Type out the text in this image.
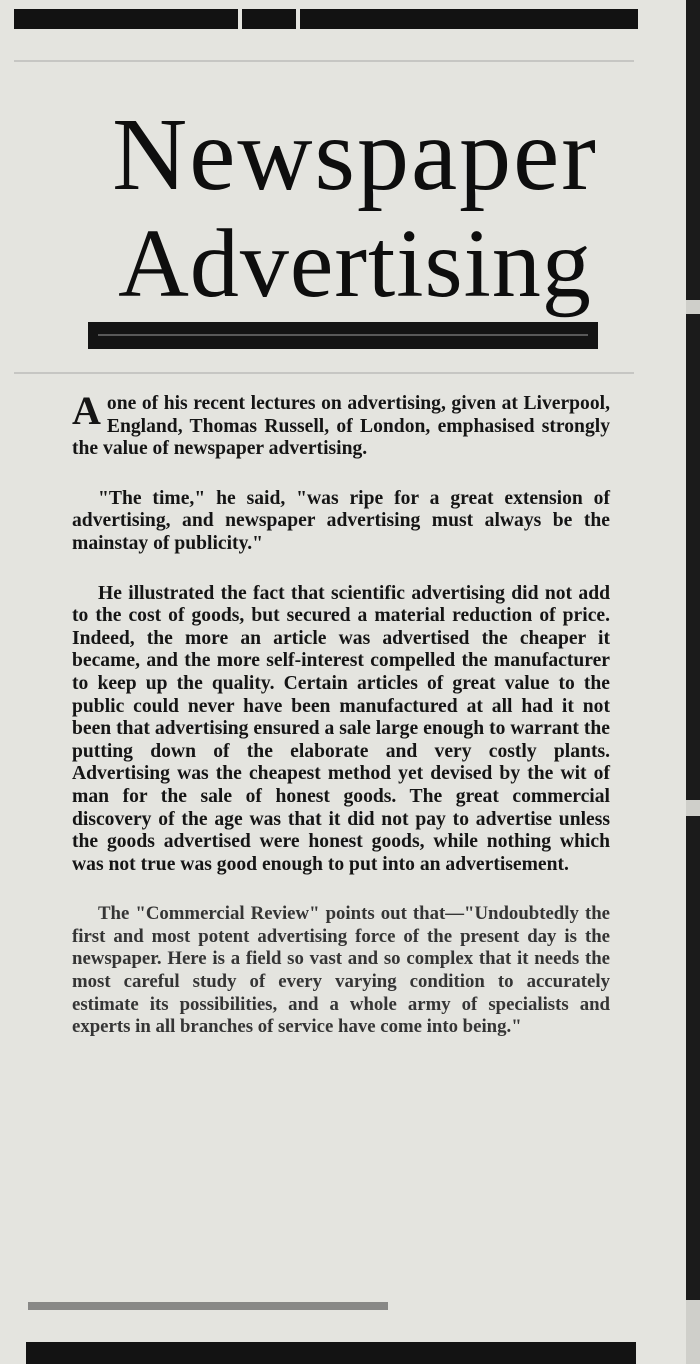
Newspaper
Advertising

Aone of his recent lectures on advertising, given at Liverpool, England, Thomas Russell, of London, emphasised strongly the value of newspaper advertising.

"The time," he said, "was ripe for a great extension of advertising, and newspaper advertising must always be the mainstay of publicity."

He illustrated the fact that scientific advertising did not add to the cost of goods, but secured a material reduction of price. Indeed, the more an article was advertised the cheaper it became, and the more self-interest compelled the manufacturer to keep up the quality. Certain articles of great value to the public could never have been manufactured at all had it not been that advertising ensured a sale large enough to warrant the putting down of the elaborate and very costly plants. Advertising was the cheapest method yet devised by the wit of man for the sale of honest goods. The great commercial discovery of the age was that it did not pay to advertise unless the goods advertised were honest goods, while nothing which was not true was good enough to put into an advertisement.

The "Commercial Review" points out that—"Undoubtedly the first and most potent advertising force of the present day is the newspaper. Here is a field so vast and so complex that it needs the most careful study of every varying condition to accurately estimate its possibilities, and a whole army of specialists and experts in all branches of service have come into being."
